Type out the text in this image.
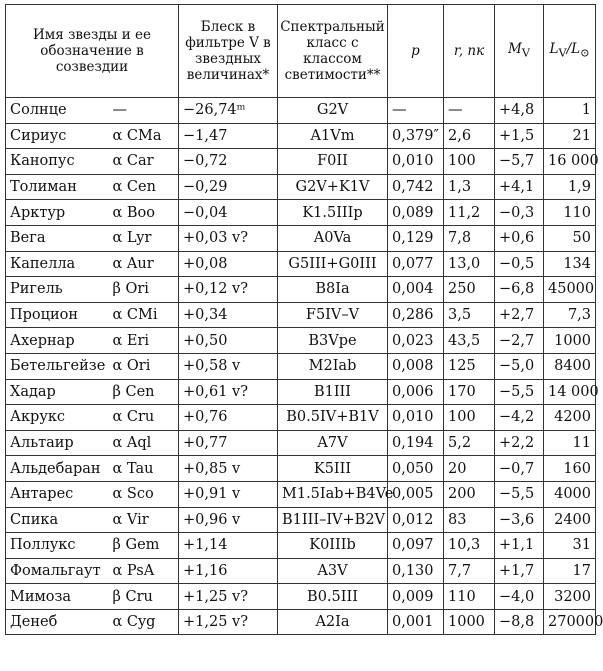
Имя звезды и ее обозначение в созвездии		Блеск в фильтре V в звездных величинах*	Спектральный класс с классом светимости**	p	r, пк	$M_V$	$L_V/L_⊙$
Солнце	—	−26,74ᵐ	G2V	—	—	+4,8	1
Сириус	α CMa	−1,47	A1Vm	0,379″	2,6	+1,5	21
Канопус	α Car	−0,72	F0II	0,010	100	−5,7	16 000
Толиман	α Cen	−0,29	G2V+K1V	0,742	1,3	+4,1	1,9
Арктур	α Boo	−0,04	K1.5IIIp	0,089	11,2	−0,3	110
Вега	α Lyr	+0,03 v?	A0Va	0,129	7,8	+0,6	50
Капелла	α Aur	+0,08	G5III+G0III	0,077	13,0	−0,5	134
Ригель	β Ori	+0,12 v?	B8Ia	0,004	250	−6,8	45000
Процион	α CMi	+0,34	F5IV–V	0,286	3,5	+2,7	7,3
Ахернар	α Eri	+0,50	B3Vpe	0,023	43,5	−2,7	1000
Бетельгейзе	α Ori	+0,58 v	M2Iab	0,008	125	−5,0	8400
Хадар	β Cen	+0,61 v?	B1III	0,006	170	−5,5	14 000
Акрукс	α Cru	+0,76	B0.5IV+B1V	0,010	100	−4,2	4200
Альтаир	α Aql	+0,77	A7V	0,194	5,2	+2,2	11
Альдебаран	α Tau	+0,85 v	K5III	0,050	20	−0,7	160
Антарес	α Sco	+0,91 v	M1.5Iab+B4Ve	0,005	200	−5,5	4000
Спика	α Vir	+0,96 v	B1III–IV+B2V	0,012	83	−3,6	2400
Поллукс	β Gem	+1,14	K0IIIb	0,097	10,3	+1,1	31
Фомальгаут	α PsA	+1,16	A3V	0,130	7,7	+1,7	17
Мимоза	β Cru	+1,25 v?	B0.5III	0,009	110	−4,0	3200
Денеб	α Cyg	+1,25 v?	A2Ia	0,001	1000	−8,8	270000
